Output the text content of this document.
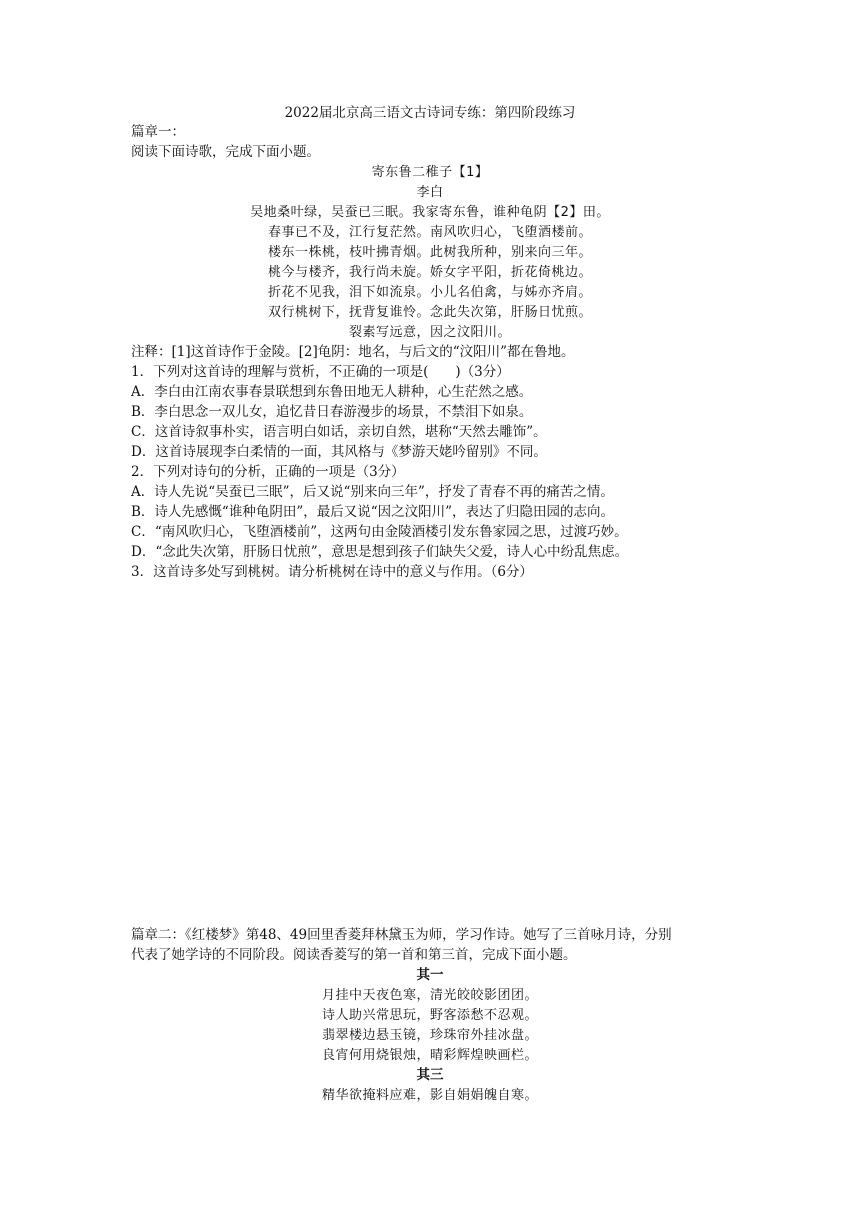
2022届北京高三语文古诗词专练：第四阶段练习
篇章一：
阅读下面诗歌，完成下面小题。
寄东鲁二稚子【1】
李白
吴地桑叶绿，吴蚕已三眠。我家寄东鲁，谁种龟阴【2】田。
春事已不及，江行复茫然。南风吹归心，飞堕酒楼前。
楼东一株桃，枝叶拂青烟。此树我所种，别来向三年。
桃今与楼齐，我行尚未旋。娇女字平阳，折花倚桃边。
折花不见我，泪下如流泉。小儿名伯禽，与姊亦齐肩。
双行桃树下，抚背复谁怜。念此失次第，肝肠日忧煎。
裂素写远意，因之汶阳川。
注释：[1]这首诗作于金陵。[2]龟阴：地名，与后文的“汶阳川”都在鲁地。
1．下列对这首诗的理解与赏析，不正确的一项是(　　)（3分）
A．李白由江南农事春景联想到东鲁田地无人耕种，心生茫然之感。
B．李白思念一双儿女，追忆昔日春游漫步的场景，不禁泪下如泉。
C．这首诗叙事朴实，语言明白如话，亲切自然，堪称“天然去雕饰”。
D．这首诗展现李白柔情的一面，其风格与《梦游天姥吟留别》不同。
2．下列对诗句的分析，正确的一项是（3分）
A．诗人先说“吴蚕已三眠”，后又说“别来向三年”，抒发了青春不再的痛苦之情。
B．诗人先感慨“谁种龟阴田”，最后又说“因之汶阳川”，表达了归隐田园的志向。
C．“南风吹归心，飞堕酒楼前”，这两句由金陵酒楼引发东鲁家园之思，过渡巧妙。
D．“念此失次第，肝肠日忧煎”，意思是想到孩子们缺失父爱，诗人心中纷乱焦虑。
3．这首诗多处写到桃树。请分析桃树在诗中的意义与作用。（6分）
篇章二：《红楼梦》第48、49回里香菱拜林黛玉为师，学习作诗。她写了三首咏月诗，分别
代表了她学诗的不同阶段。阅读香菱写的第一首和第三首，完成下面小题。
其一
月挂中天夜色寒，清光皎皎影团团。
诗人助兴常思玩，野客添愁不忍观。
翡翠楼边悬玉镜，珍珠帘外挂冰盘。
良宵何用烧银烛，晴彩辉煌映画栏。
其三
精华欲掩料应难，影自娟娟魄自寒。
